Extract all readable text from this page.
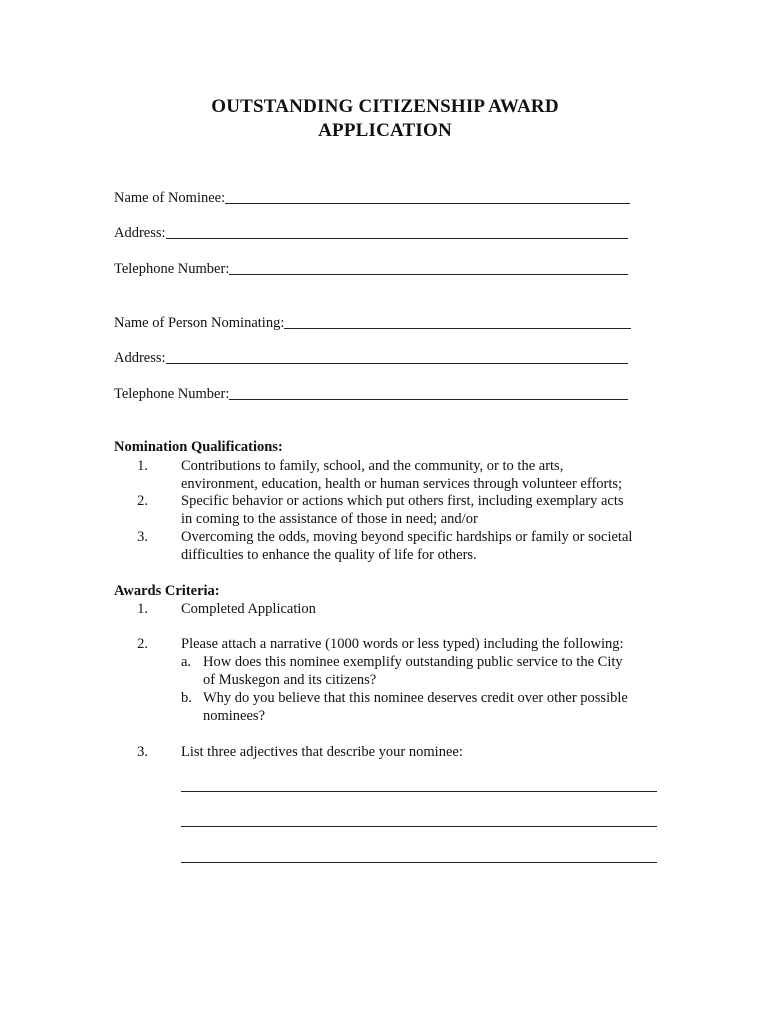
OUTSTANDING CITIZENSHIP AWARD
APPLICATION
Name of Nominee:
Address:
Telephone Number:
Name of Person Nominating:
Address:
Telephone Number:
Nomination Qualifications:
1. Contributions to family, school, and the community, or to the arts,
environment, education, health or human services through volunteer efforts;
2. Specific behavior or actions which put others first, including exemplary acts
in coming to the assistance of those in need; and/or
3. Overcoming the odds, moving beyond specific hardships or family or societal
difficulties to enhance the quality of life for others.
Awards Criteria:
1. Completed Application
2. Please attach a narrative (1000 words or less typed) including the following:
a. How does this nominee exemplify outstanding public service to the City
of Muskegon and its citizens?
b. Why do you believe that this nominee deserves credit over other possible
nominees?
3. List three adjectives that describe your nominee:
